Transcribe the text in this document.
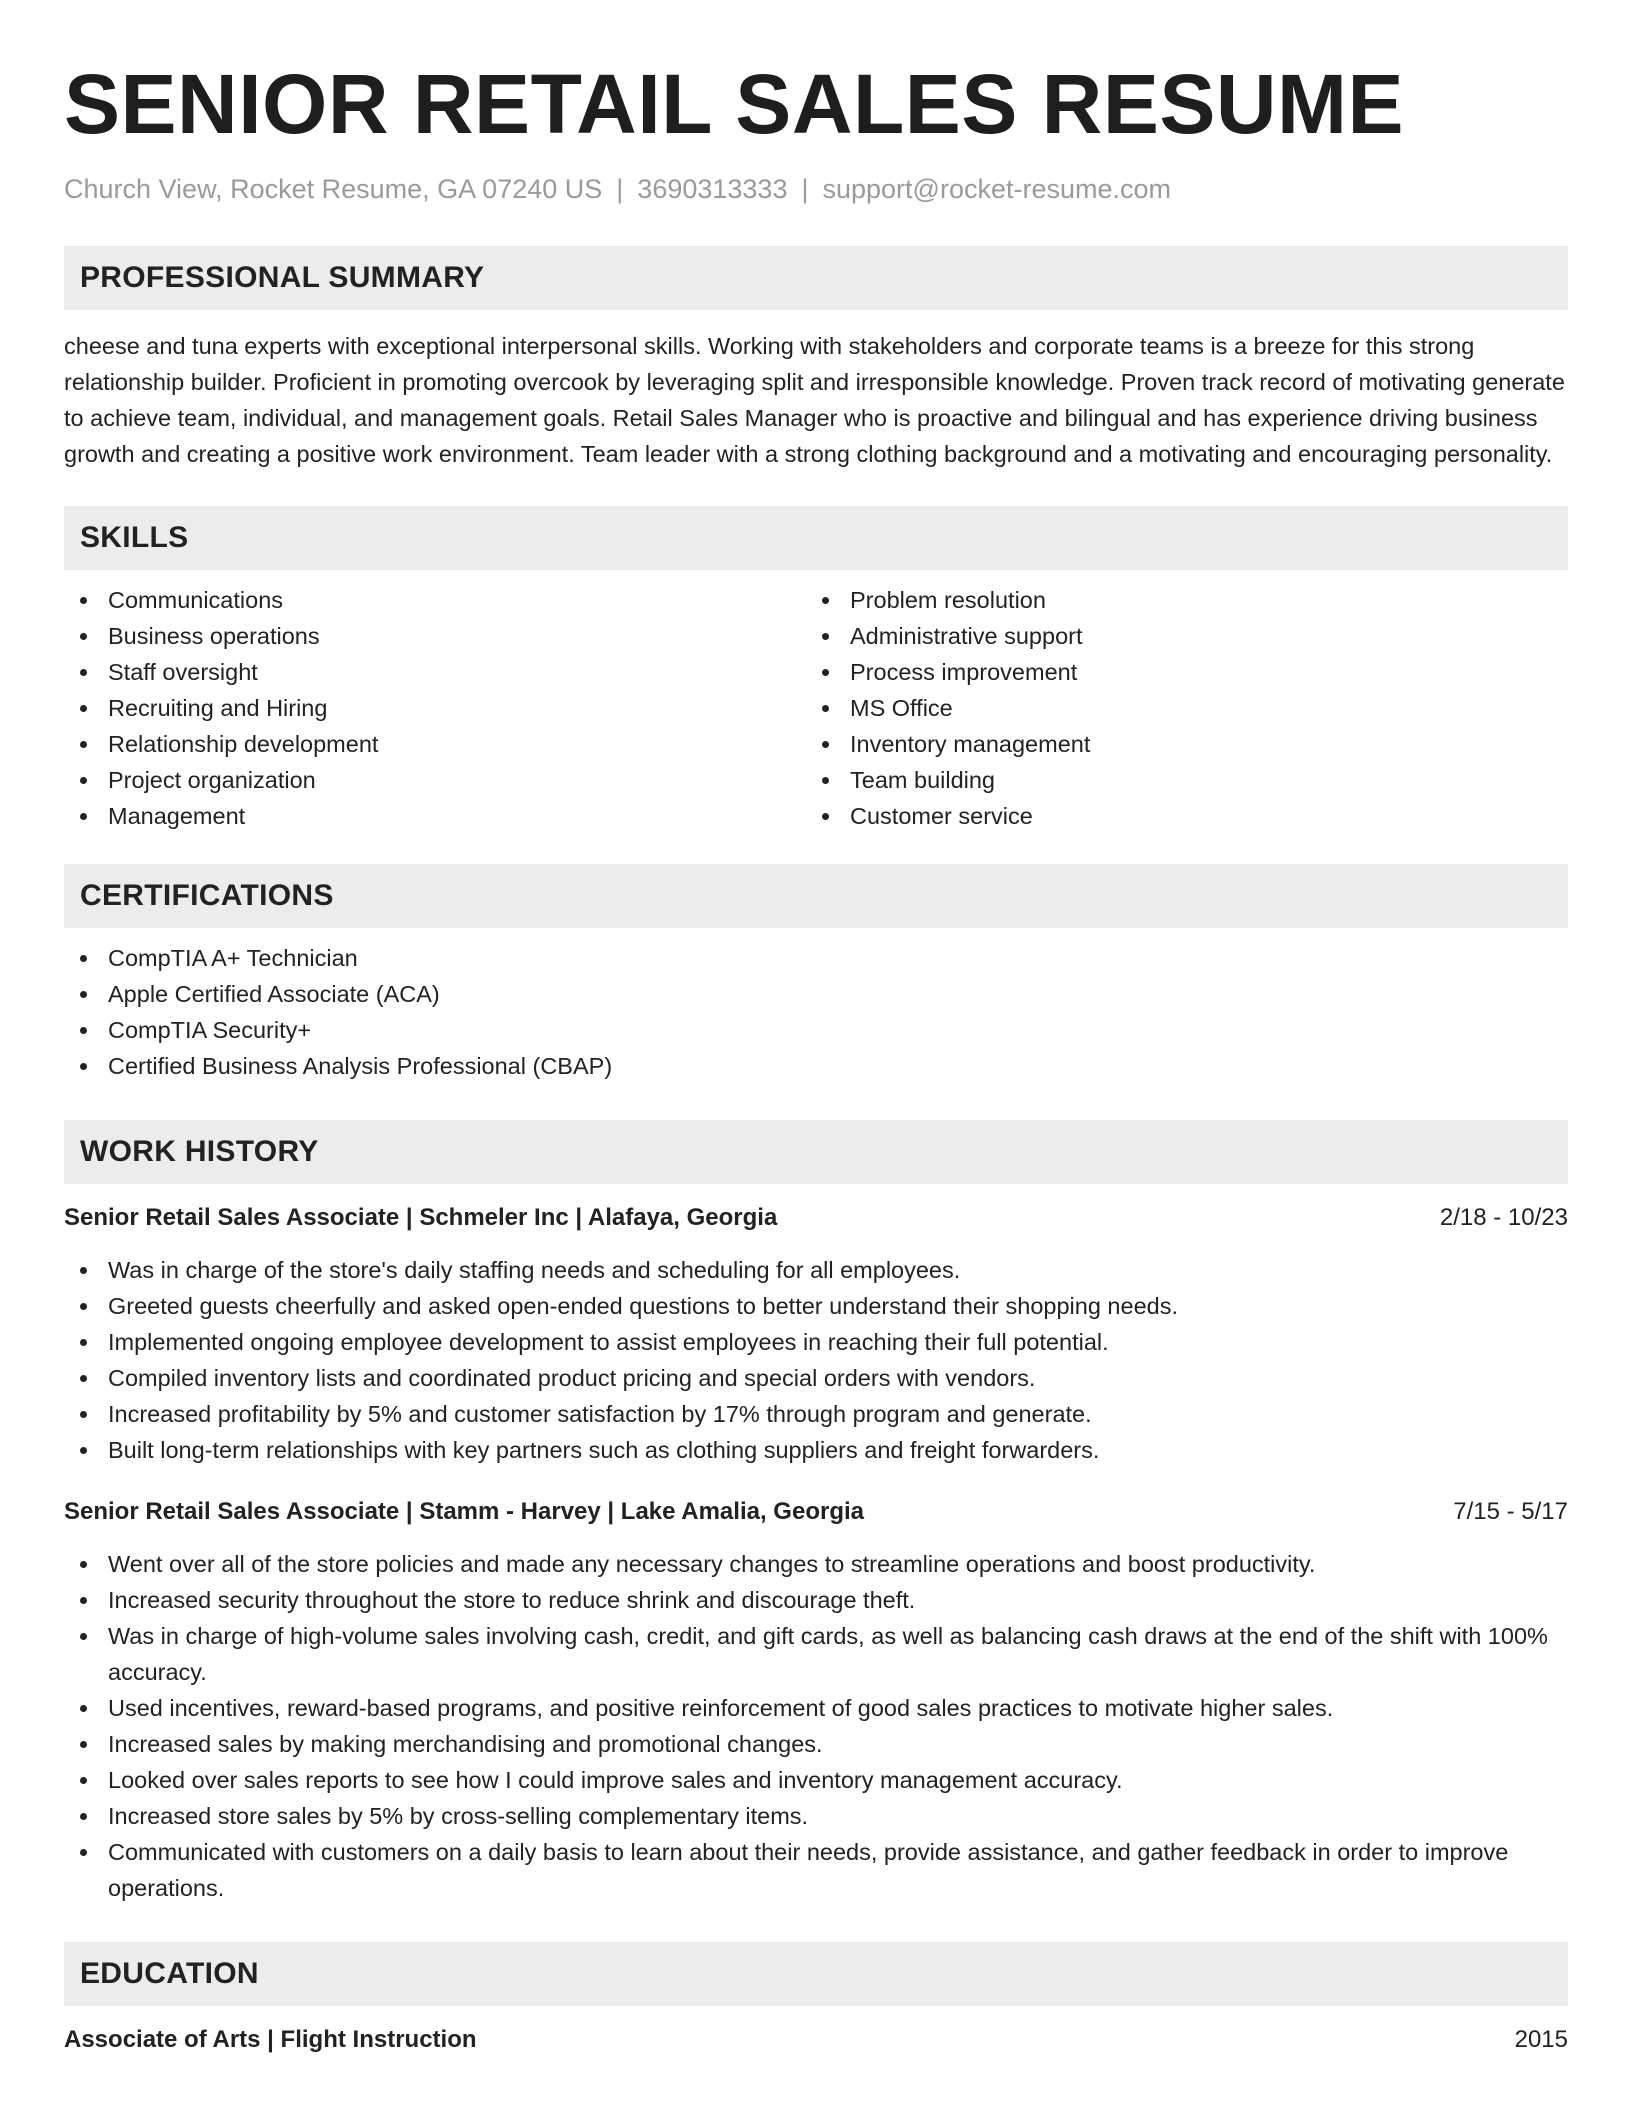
SENIOR RETAIL SALES RESUME
Church View, Rocket Resume, GA 07240 US | 3690313333 | support@rocket-resume.com
PROFESSIONAL SUMMARY

cheese and tuna experts with exceptional interpersonal skills. Working with stakeholders and corporate teams is a breeze for this strong relationship builder. Proficient in promoting overcook by leveraging split and irresponsible knowledge. Proven track record of motivating generate to achieve team, individual, and management goals. Retail Sales Manager who is proactive and bilingual and has experience driving business growth and creating a positive work environment. Team leader with a strong clothing background and a motivating and encouraging personality.

SKILLS
Communications
Business operations
Staff oversight
Recruiting and Hiring
Relationship development
Project organization
Management
Problem resolution
Administrative support
Process improvement
MS Office
Inventory management
Team building
Customer service
CERTIFICATIONS
CompTIA A+ Technician
Apple Certified Associate (ACA)
CompTIA Security+
Certified Business Analysis Professional (CBAP)
WORK HISTORY
Senior Retail Sales Associate | Schmeler Inc | Alafaya, Georgia	2/18 - 10/23
Was in charge of the store's daily staffing needs and scheduling for all employees.
Greeted guests cheerfully and asked open-ended questions to better understand their shopping needs.
Implemented ongoing employee development to assist employees in reaching their full potential.
Compiled inventory lists and coordinated product pricing and special orders with vendors.
Increased profitability by 5% and customer satisfaction by 17% through program and generate.
Built long-term relationships with key partners such as clothing suppliers and freight forwarders.
Senior Retail Sales Associate | Stamm - Harvey | Lake Amalia, Georgia	7/15 - 5/17
Went over all of the store policies and made any necessary changes to streamline operations and boost productivity.
Increased security throughout the store to reduce shrink and discourage theft.
Was in charge of high-volume sales involving cash, credit, and gift cards, as well as balancing cash draws at the end of the shift with 100% accuracy.
Used incentives, reward-based programs, and positive reinforcement of good sales practices to motivate higher sales.
Increased sales by making merchandising and promotional changes.
Looked over sales reports to see how I could improve sales and inventory management accuracy.
Increased store sales by 5% by cross-selling complementary items.
Communicated with customers on a daily basis to learn about their needs, provide assistance, and gather feedback in order to improve operations.
EDUCATION
Associate of Arts | Flight Instruction	2015
